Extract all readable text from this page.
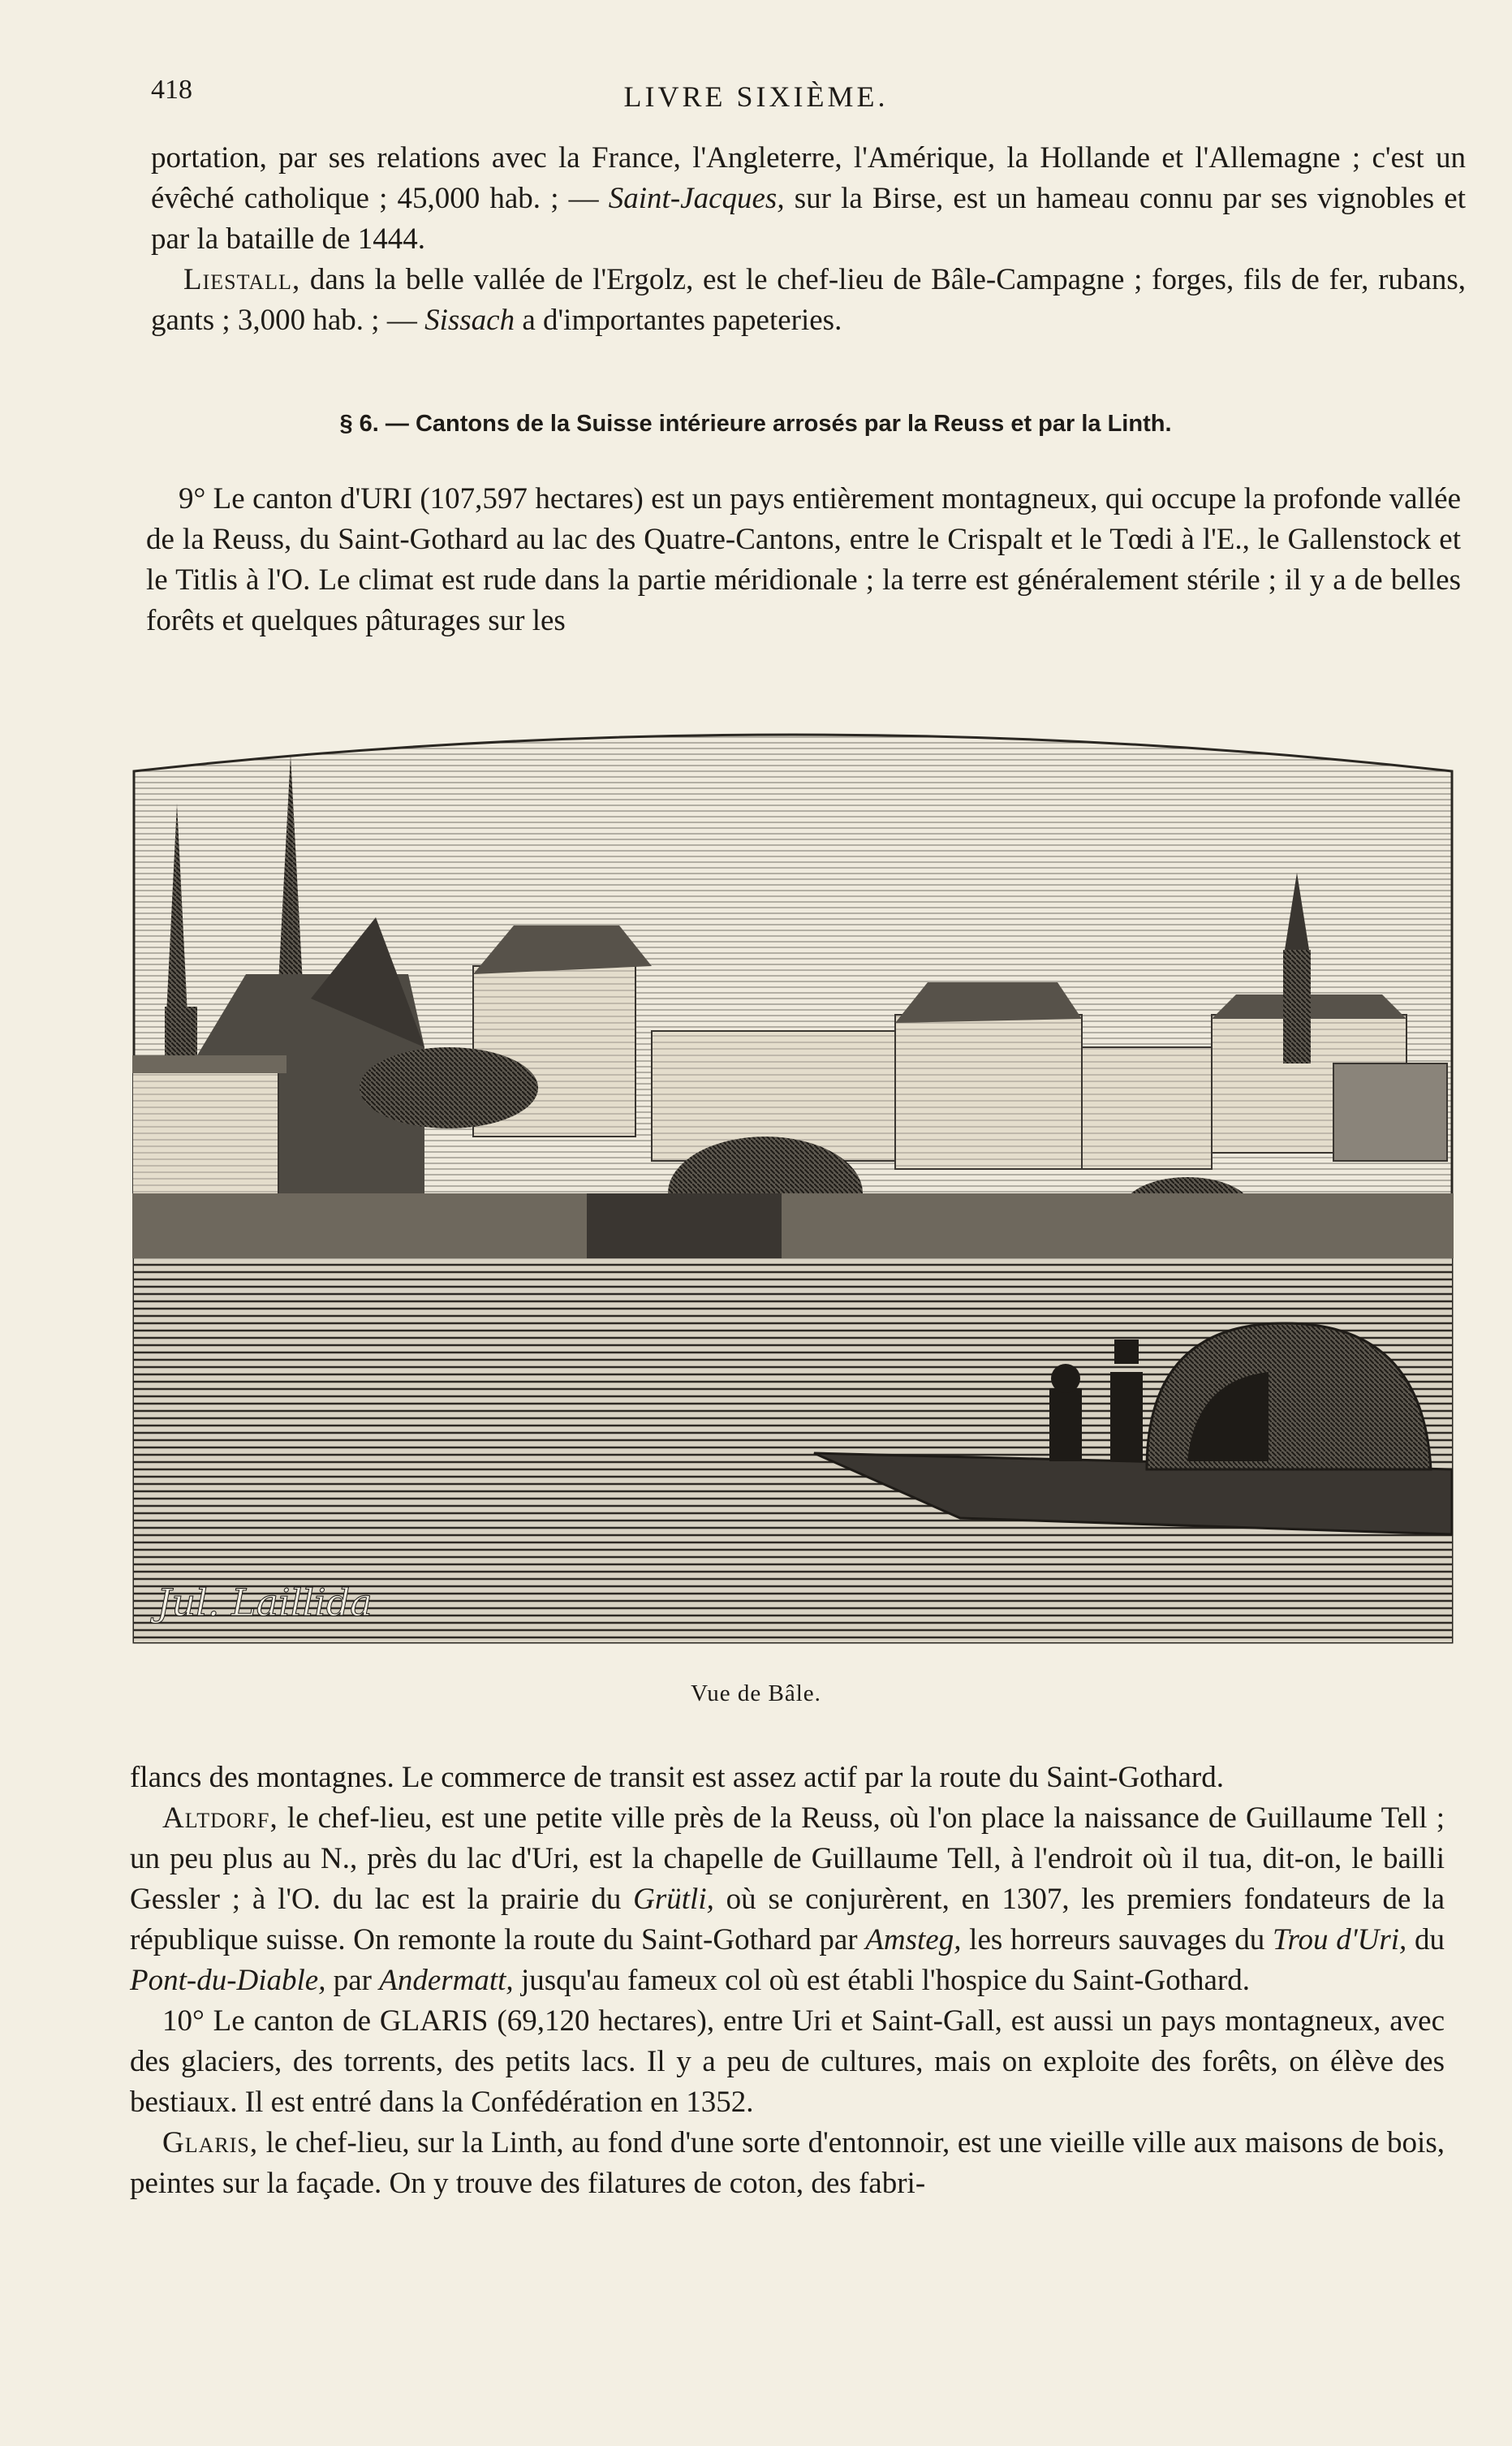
418	LIVRE SIXIÈME.

portation, par ses relations avec la France, l'Angleterre, l'Amérique, la Hollande et l'Allemagne ; c'est un évêché catholique ; 45,000 hab. ; — Saint-Jacques, sur la Birse, est un hameau connu par ses vignobles et par la bataille de 1444.

Liestall, dans la belle vallée de l'Ergolz, est le chef-lieu de Bâle-Campagne ; forges, fils de fer, rubans, gants ; 3,000 hab. ; — Sissach a d'importantes papeteries.

§ 6. — Cantons de la Suisse intérieure arrosés par la Reuss et par la Linth.

9° Le canton d'URI (107,597 hectares) est un pays entièrement montagneux, qui occupe la profonde vallée de la Reuss, du Saint-Gothard au lac des Quatre-Cantons, entre le Crispalt et le Tœdi à l'E., le Gallenstock et le Titlis à l'O. Le climat est rude dans la partie méridionale ; la terre est généralement stérile ; il y a de belles forêts et quelques pâturages sur les

Jul. Laillida
Vue de Bâle.

flancs des montagnes. Le commerce de transit est assez actif par la route du Saint-Gothard.

Altdorf, le chef-lieu, est une petite ville près de la Reuss, où l'on place la naissance de Guillaume Tell ; un peu plus au N., près du lac d'Uri, est la chapelle de Guillaume Tell, à l'endroit où il tua, dit-on, le bailli Gessler ; à l'O. du lac est la prairie du Grütli, où se conjurèrent, en 1307, les premiers fondateurs de la république suisse. On remonte la route du Saint-Gothard par Amsteg, les horreurs sauvages du Trou d'Uri, du Pont-du-Diable, par Andermatt, jusqu'au fameux col où est établi l'hospice du Saint-Gothard.

10° Le canton de GLARIS (69,120 hectares), entre Uri et Saint-Gall, est aussi un pays montagneux, avec des glaciers, des torrents, des petits lacs. Il y a peu de cultures, mais on exploite des forêts, on élève des bestiaux. Il est entré dans la Confédération en 1352.

Glaris, le chef-lieu, sur la Linth, au fond d'une sorte d'entonnoir, est une vieille ville aux maisons de bois, peintes sur la façade. On y trouve des filatures de coton, des fabri-
